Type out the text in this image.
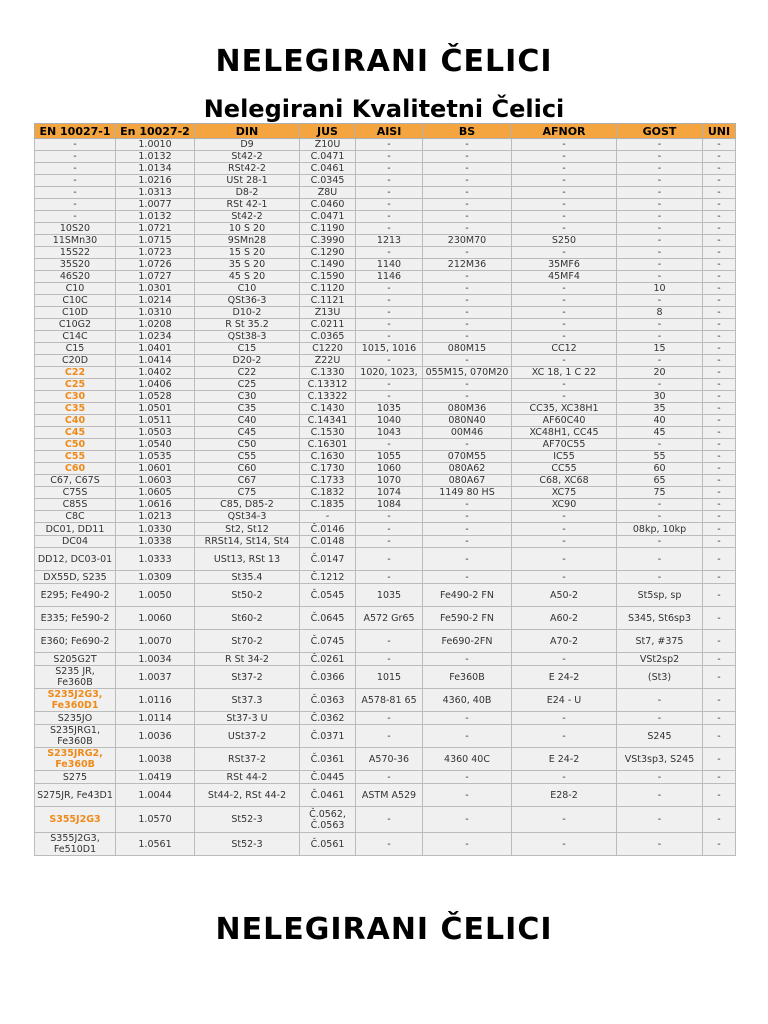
NELEGIRANI ČELICI
Nelegirani Kvalitetni Čelici
EN 10027-1	En 10027-2	DIN	JUS	AISI	BS	AFNOR	GOST	UNI
-	1.0010	D9	Ž10U	-	-	-	-	-
-	1.0132	St42-2	Č.0471	-	-	-	-	-
-	1.0134	RSt42-2	Č.0461	-	-	-	-	-
-	1.0216	USt 28-1	Č.0345	-	-	-	-	-
-	1.0313	D8-2	Ž8U	-	-	-	-	-
-	1.0077	RSt 42-1	Č.0460	-	-	-	-	-
-	1.0132	St42-2	Č.0471	-	-	-	-	-
10S20	1.0721	10 S 20	Č.1190	-	-	-	-	-
11SMn30	1.0715	9SMn28	Č.3990	1213	230M70	S250	-	-
15S22	1.0723	15 S 20	Č.1290	-	-	-	-	-
35S20	1.0726	35 S 20	Č.1490	1140	212M36	35MF6	-	-
46S20	1.0727	45 S 20	Č.1590	1146	-	45MF4	-	-
C10	1.0301	C10	Č.1120	-	-	-	10	-
C10C	1.0214	QSt36-3	Č.1121	-	-	-	-	-
C10D	1.0310	D10-2	Ž13U	-	-	-	8	-
C10G2	1.0208	R St 35.2	Č.0211	-	-	-	-	-
C14C	1.0234	QSt38-3	Č.0365	-	-	-	-	-
C15	1.0401	C15	Č1220	1015, 1016	080M15	CC12	15	-
C20D	1.0414	D20-2	Ž22U	-	-	-	-	-
C22	1.0402	C22	Č.1330	1020, 1023,	055M15, 070M20	XC 18, 1 C 22	20	-
C25	1.0406	C25	Č.13312	-	-	-	-	-
C30	1.0528	C30	Č.13322	-	-	-	30	-
C35	1.0501	C35	Č.1430	1035	080M36	CC35, XC38H1	35	-
C40	1.0511	C40	Č.14341	1040	080N40	AF60C40	40	-
C45	1.0503	C45	Č.1530	1043	00M46	XC48H1, CC45	45	-
C50	1.0540	C50	Č.16301	-	-	AF70C55	-	-
C55	1.0535	C55	Č.1630	1055	070M55	IC55	55	-
C60	1.0601	C60	Č.1730	1060	080A62	CC55	60	-
C67, C67S	1.0603	C67	Č.1733	1070	080A67	C68, XC68	65	-
C75S	1.0605	C75	Č.1832	1074	1149 80 HS	XC75	75	-
C85S	1.0616	C85, D85-2	Č.1835	1084	-	XC90	-	-
C8C	1.0213	QSt34-3	-	-	-	-	-	-
DC01, DD11	1.0330	St2, St12	Č.0146	-	-	-	08kp, 10kp	-
DC04	1.0338	RRSt14, St14, St4	Č.0148	-	-	-	-	-
DD12, DC03-01	1.0333	USt13, RSt 13	Č.0147	-	-	-	-	-
DX55D, S235	1.0309	St35.4	Č.1212	-	-	-	-	-
E295; Fe490-2	1.0050	St50-2	Č.0545	1035	Fe490-2 FN	A50-2	St5sp, sp	-
E335; Fe590-2	1.0060	St60-2	Č.0645	A572 Gr65	Fe590-2 FN	A60-2	S345, St6sp3	-
E360; Fe690-2	1.0070	St70-2	Č.0745	-	Fe690-2FN	A70-2	St7, #375	-
S205G2T	1.0034	R St 34-2	Č.0261	-	-	-	VSt2sp2	-
S235 JR, Fe360B	1.0037	St37-2	Č.0366	1015	Fe360B	E 24-2	(St3)	-
S235J2G3, Fe360D1	1.0116	St37.3	Č.0363	A578-81 65	4360, 40B	E24 - U	-	-
S235JO	1.0114	St37-3 U	Č.0362	-	-	-	-	-
S235JRG1, Fe360B	1.0036	USt37-2	Č.0371	-	-	-	S245	-
S235JRG2, Fe360B	1.0038	RSt37-2	Č.0361	A570-36	4360 40C	E 24-2	VSt3sp3, S245	-
S275	1.0419	RSt 44-2	Č.0445	-	-	-	-	-
S275JR, Fe43D1	1.0044	St44-2, RSt 44-2	Č.0461	ASTM A529	-	E28-2	-	-
S355J2G3	1.0570	St52-3	Č.0562, Č.0563	-	-	-	-	-
S355J2G3, Fe510D1	1.0561	St52-3	Č.0561	-	-	-	-	-
NELEGIRANI ČELICI
